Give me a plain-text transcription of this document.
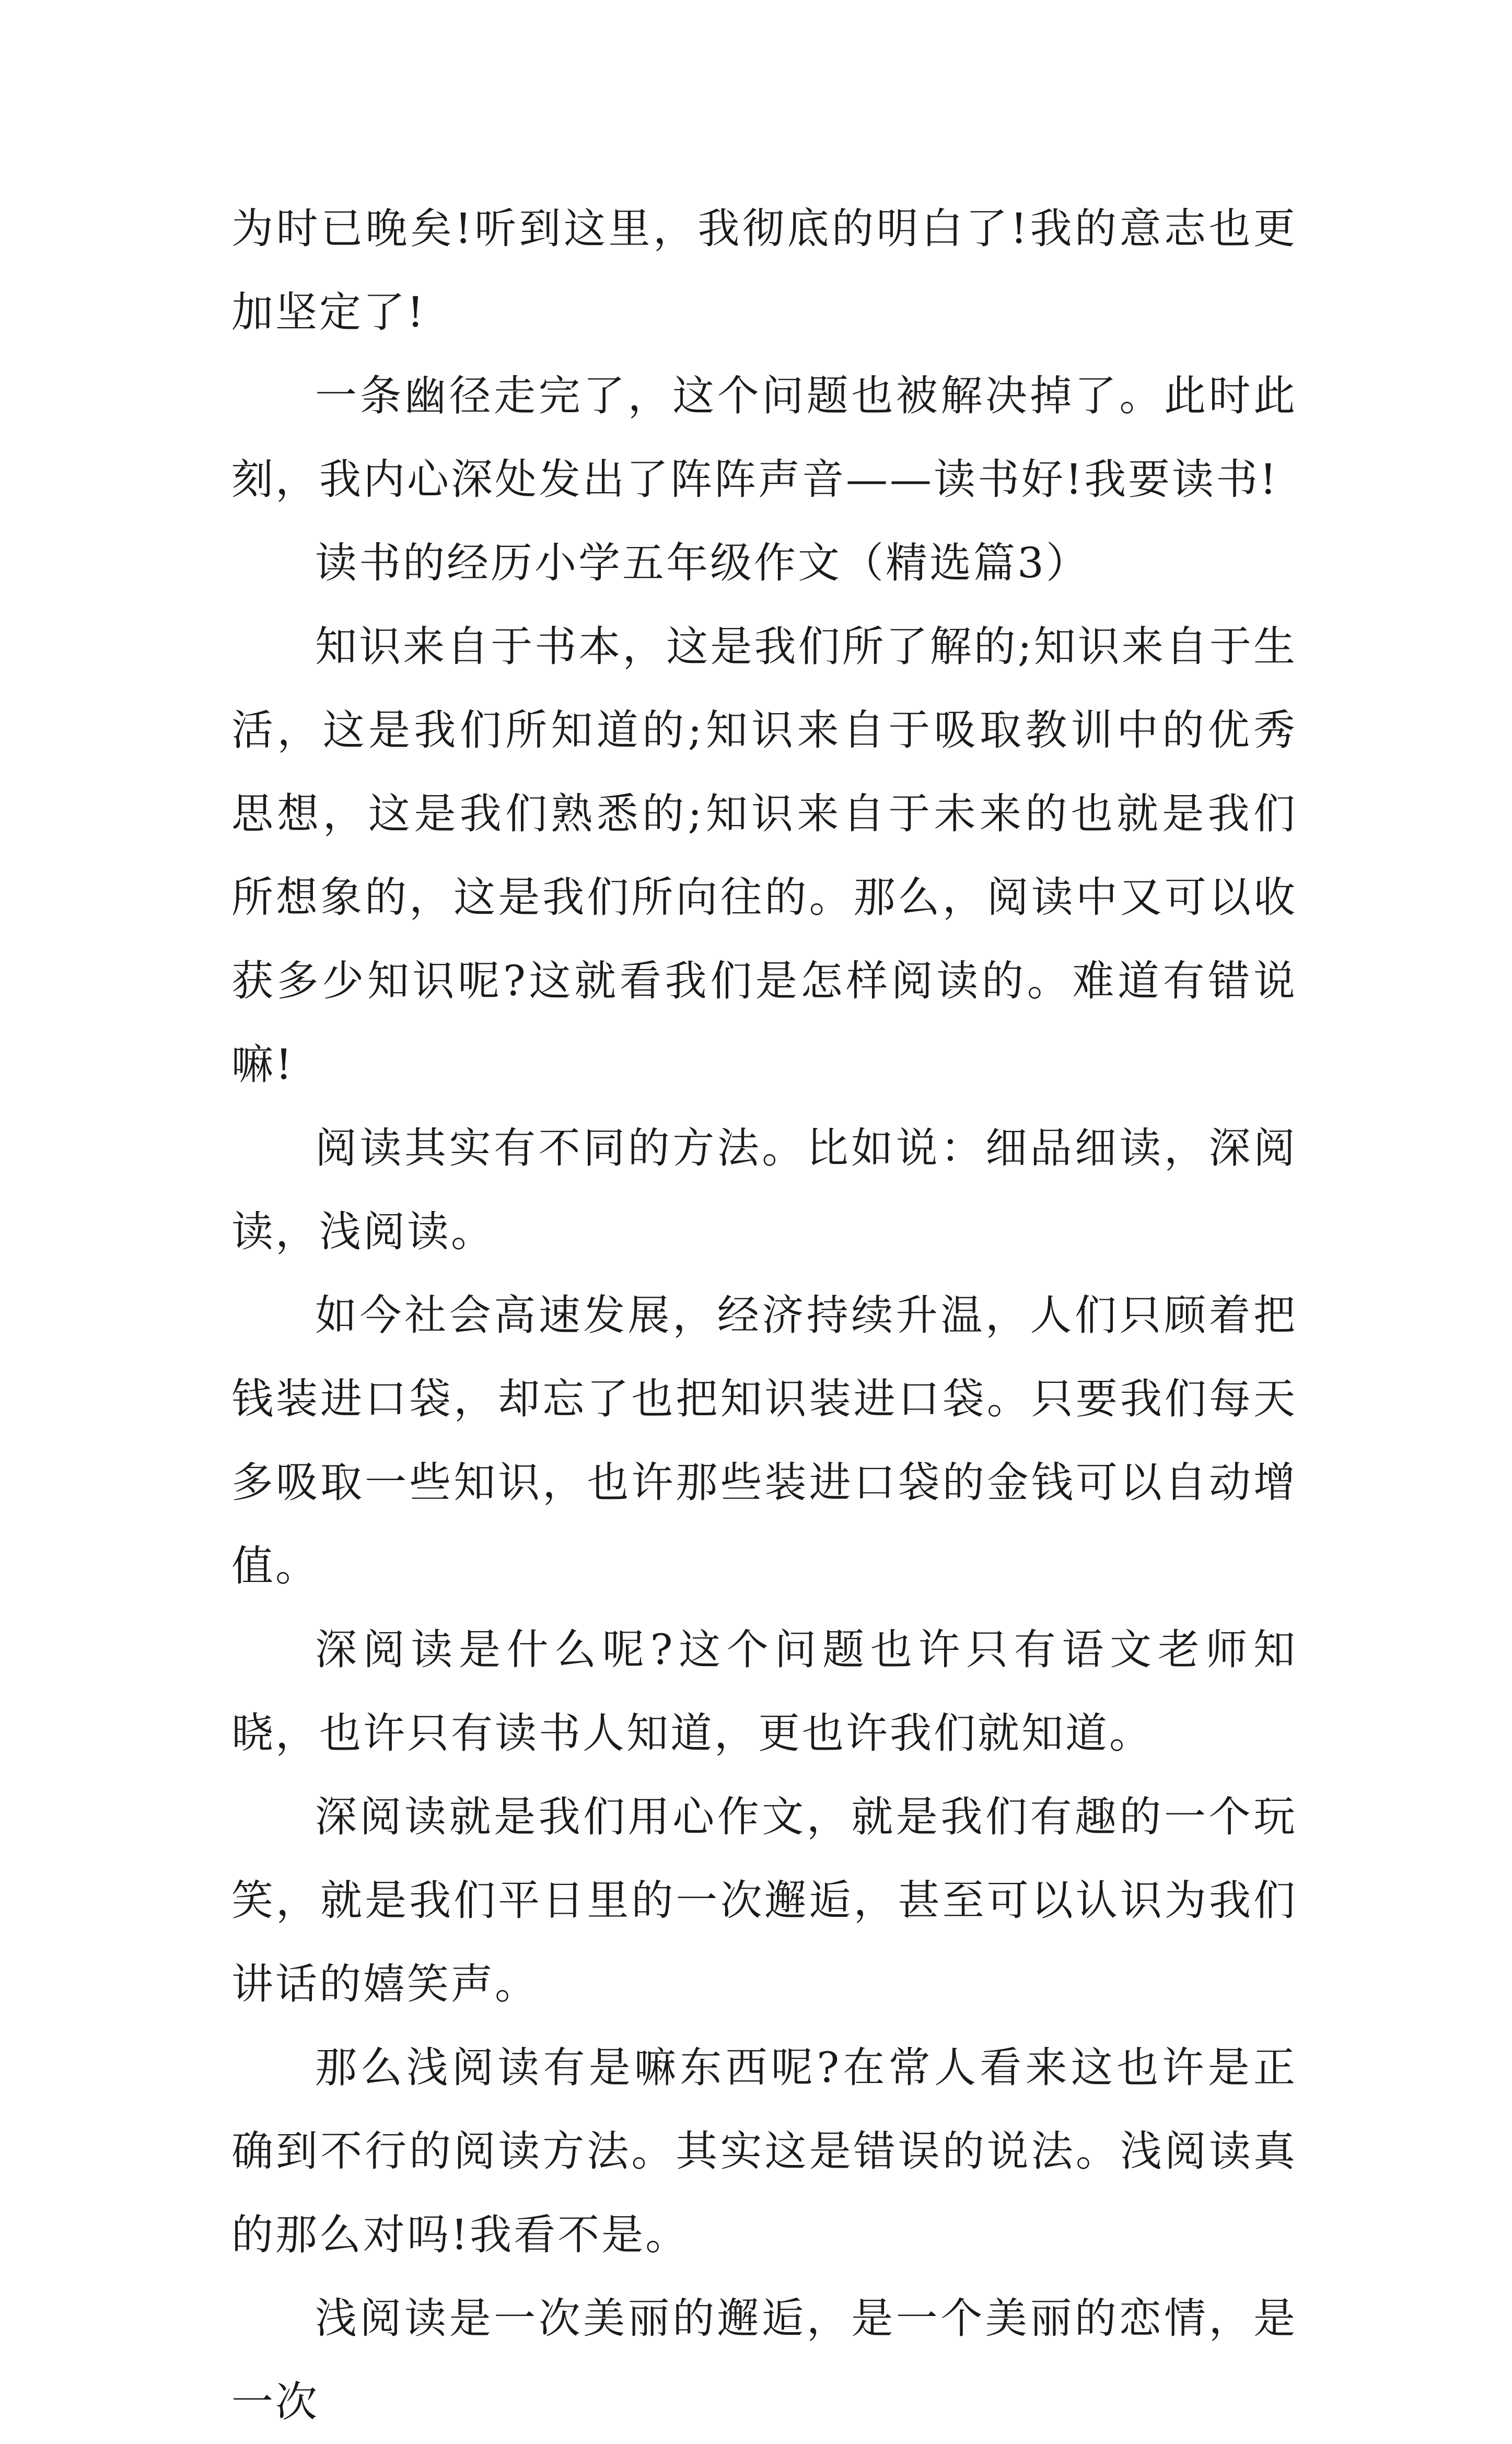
为时已晚矣!听到这里，我彻底的明白了!我的意志也更加坚定了!

一条幽径走完了，这个问题也被解决掉了。此时此刻，我内心深处发出了阵阵声音——读书好!我要读书!

读书的经历小学五年级作文（精选篇3）

知识来自于书本，这是我们所了解的;知识来自于生活，这是我们所知道的;知识来自于吸取教训中的优秀思想，这是我们熟悉的;知识来自于未来的也就是我们所想象的，这是我们所向往的。那么，阅读中又可以收获多少知识呢?这就看我们是怎样阅读的。难道有错说嘛!

阅读其实有不同的方法。比如说：细品细读，深阅读，浅阅读。

如今社会高速发展，经济持续升温，人们只顾着把钱装进口袋，却忘了也把知识装进口袋。只要我们每天多吸取一些知识，也许那些装进口袋的金钱可以自动增值。

深阅读是什么呢?这个问题也许只有语文老师知晓，也许只有读书人知道，更也许我们就知道。

深阅读就是我们用心作文，就是我们有趣的一个玩笑，就是我们平日里的一次邂逅，甚至可以认识为我们讲话的嬉笑声。

那么浅阅读有是嘛东西呢?在常人看来这也许是正确到不行的阅读方法。其实这是错误的说法。浅阅读真的那么对吗!我看不是。

浅阅读是一次美丽的邂逅，是一个美丽的恋情，是一次
